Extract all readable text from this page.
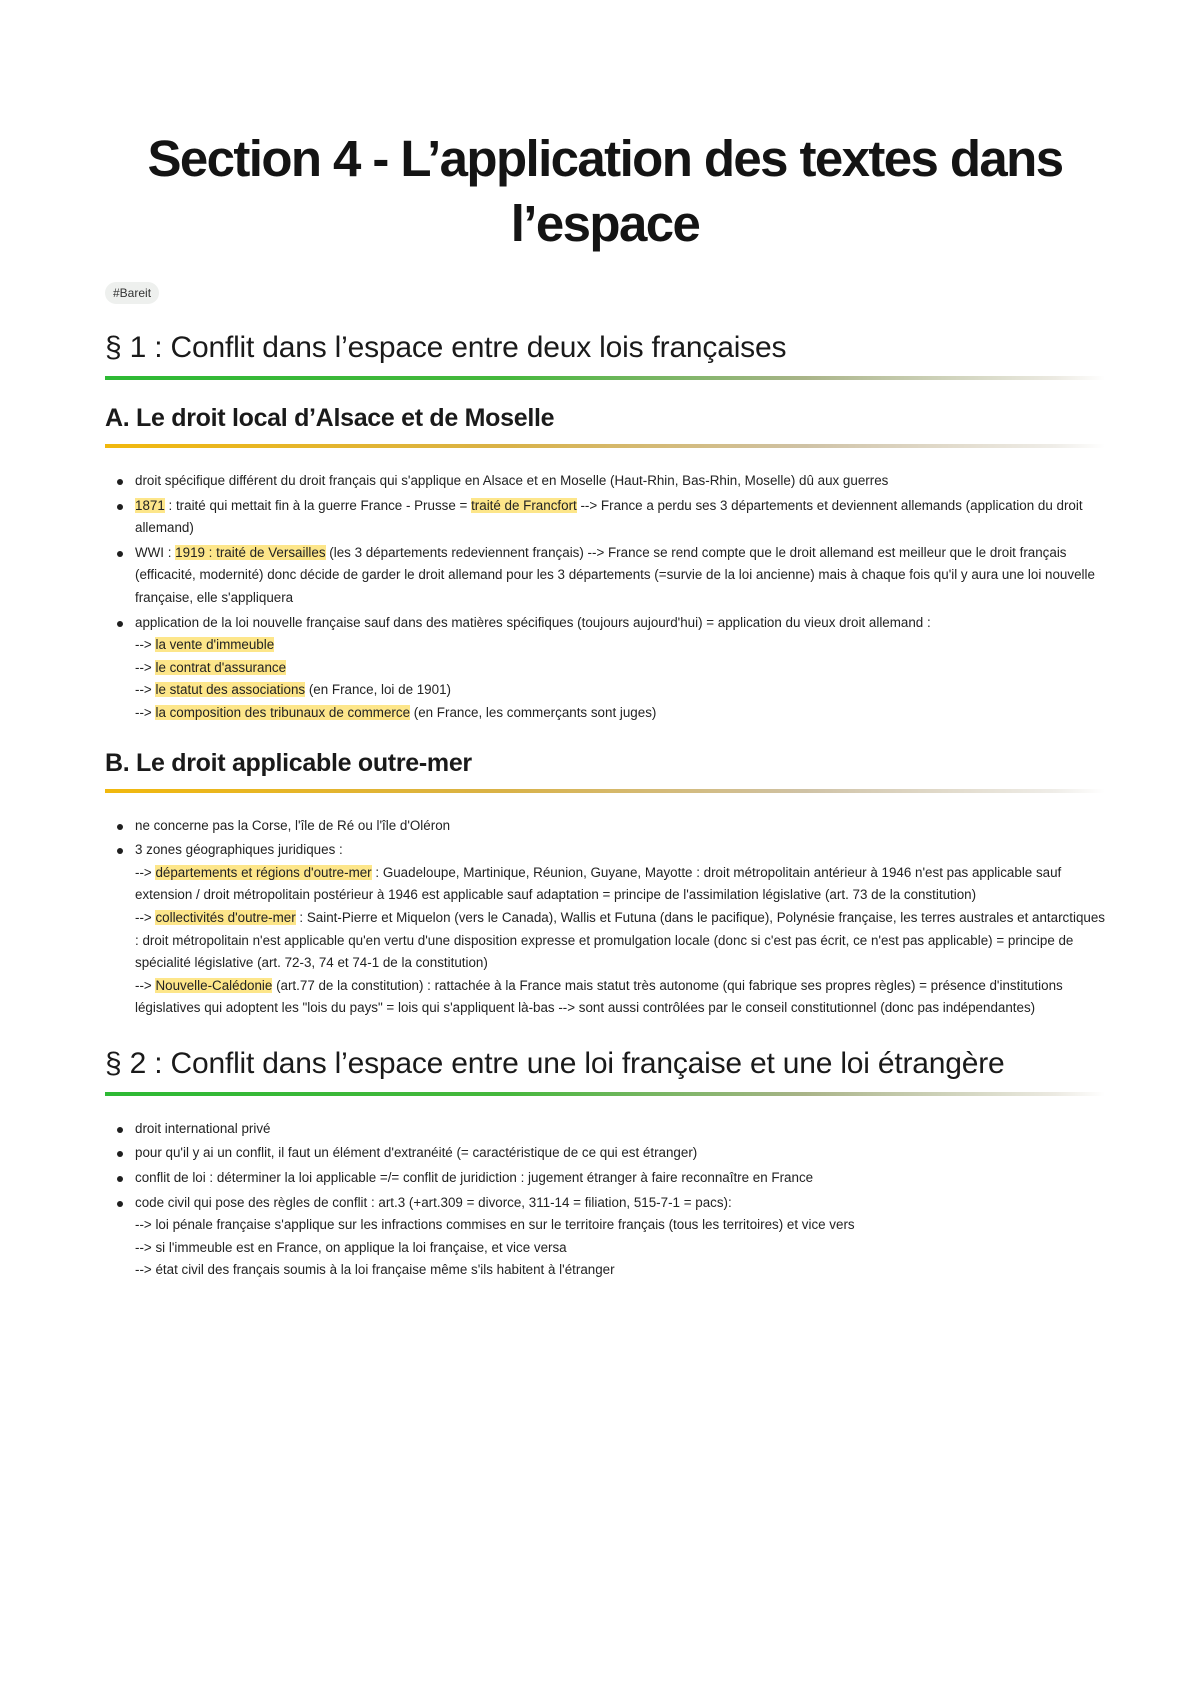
Section 4 - L’application des textes dans l’espace
#Bareit
§ 1 : Conflit dans l’espace entre deux lois françaises
A. Le droit local d’Alsace et de Moselle
droit spécifique différent du droit français qui s'applique en Alsace et en Moselle (Haut-Rhin, Bas-Rhin, Moselle) dû aux guerres
1871 : traité qui mettait fin à la guerre France - Prusse = traité de Francfort --> France a perdu ses 3 départements et deviennent allemands (application du droit allemand)
WWI : 1919 : traité de Versailles (les 3 départements redeviennent français) --> France se rend compte que le droit allemand est meilleur que le droit français (efficacité, modernité) donc décide de garder le droit allemand pour les 3 départements (=survie de la loi ancienne) mais à chaque fois qu'il y aura une loi nouvelle française, elle s'appliquera
application de la loi nouvelle française sauf dans des matières spécifiques (toujours aujourd'hui) = application du vieux droit allemand :
--> la vente d'immeuble
--> le contrat d'assurance
--> le statut des associations (en France, loi de 1901)
--> la composition des tribunaux de commerce (en France, les commerçants sont juges)
B. Le droit applicable outre-mer
ne concerne pas la Corse, l'île de Ré ou l'île d'Oléron
3 zones géographiques juridiques :
--> départements et régions d'outre-mer : Guadeloupe, Martinique, Réunion, Guyane, Mayotte : droit métropolitain antérieur à 1946 n'est pas applicable sauf extension / droit métropolitain postérieur à 1946 est applicable sauf adaptation = principe de l'assimilation législative (art. 73 de la constitution)
--> collectivités d'outre-mer : Saint-Pierre et Miquelon (vers le Canada), Wallis et Futuna (dans le pacifique), Polynésie française, les terres australes et antarctiques : droit métropolitain n'est applicable qu'en vertu d'une disposition expresse et promulgation locale (donc si c'est pas écrit, ce n'est pas applicable) = principe de spécialité législative (art. 72-3, 74 et 74-1 de la constitution)
--> Nouvelle-Calédonie (art.77 de la constitution) : rattachée à la France mais statut très autonome (qui fabrique ses propres règles) = présence d'institutions législatives qui adoptent les "lois du pays" = lois qui s'appliquent là-bas --> sont aussi contrôlées par le conseil constitutionnel (donc pas indépendantes)
§ 2 : Conflit dans l’espace entre une loi française et une loi étrangère
droit international privé
pour qu'il y ai un conflit, il faut un élément d'extranéité (= caractéristique de ce qui est étranger)
conflit de loi : déterminer la loi applicable =/= conflit de juridiction : jugement étranger à faire reconnaître en France
code civil qui pose des règles de conflit : art.3 (+art.309 = divorce, 311-14 = filiation, 515-7-1 = pacs):
--> loi pénale française s'applique sur les infractions commises en sur le territoire français (tous les territoires) et vice vers
--> si l'immeuble est en France, on applique la loi française, et vice versa
--> état civil des français soumis à la loi française même s'ils habitent à l'étranger
